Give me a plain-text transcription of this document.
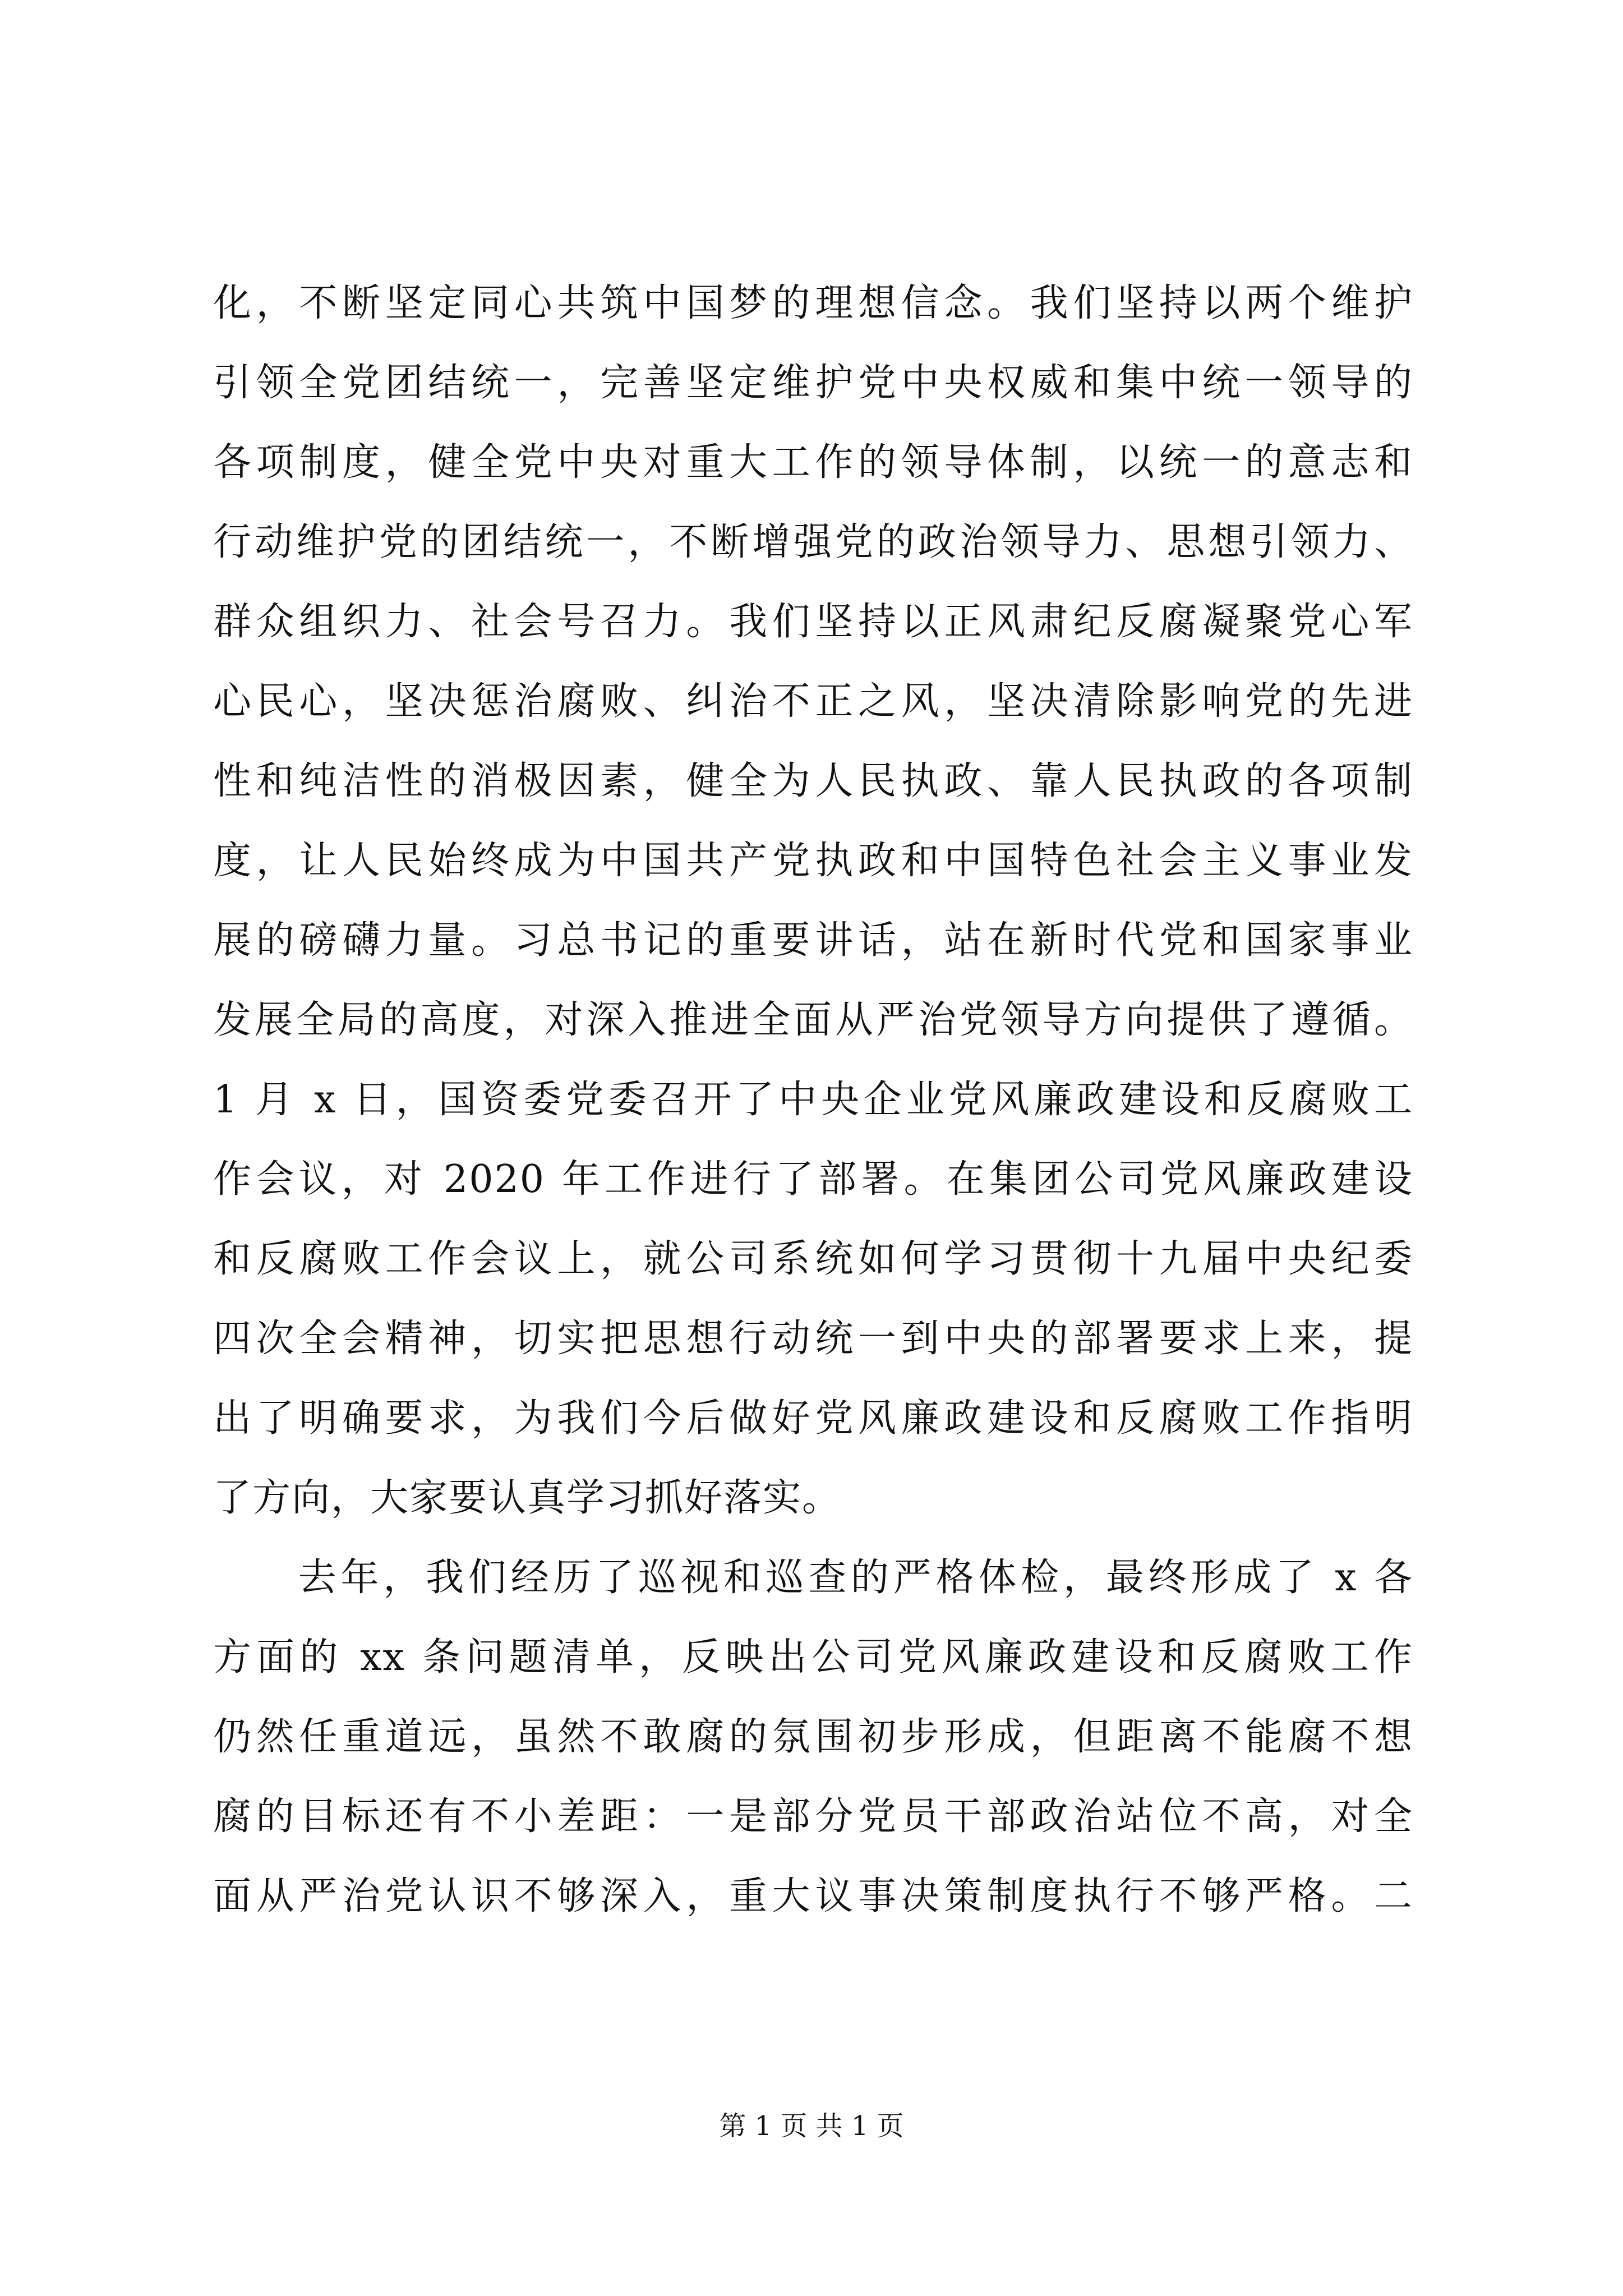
化，不断坚定同心共筑中国梦的理想信念。我们坚持以两个维护
引领全党团结统一，完善坚定维护党中央权威和集中统一领导的
各项制度，健全党中央对重大工作的领导体制，以统一的意志和
行动维护党的团结统一，不断增强党的政治领导力、思想引领力、
群众组织力、社会号召力。我们坚持以正风肃纪反腐凝聚党心军
心民心，坚决惩治腐败、纠治不正之风，坚决清除影响党的先进
性和纯洁性的消极因素，健全为人民执政、靠人民执政的各项制
度，让人民始终成为中国共产党执政和中国特色社会主义事业发
展的磅礴力量。习总书记的重要讲话，站在新时代党和国家事业
发展全局的高度，对深入推进全面从严治党领导方向提供了遵循。
1 月 x 日，国资委党委召开了中央企业党风廉政建设和反腐败工
作会议，对 2020 年工作进行了部署。在集团公司党风廉政建设
和反腐败工作会议上，就公司系统如何学习贯彻十九届中央纪委
四次全会精神，切实把思想行动统一到中央的部署要求上来，提
出了明确要求，为我们今后做好党风廉政建设和反腐败工作指明
了方向，大家要认真学习抓好落实。
　　去年，我们经历了巡视和巡查的严格体检，最终形成了 x 各
方面的 xx 条问题清单，反映出公司党风廉政建设和反腐败工作
仍然任重道远，虽然不敢腐的氛围初步形成，但距离不能腐不想
腐的目标还有不小差距：一是部分党员干部政治站位不高，对全
面从严治党认识不够深入，重大议事决策制度执行不够严格。二
第 1 页 共 1 页
